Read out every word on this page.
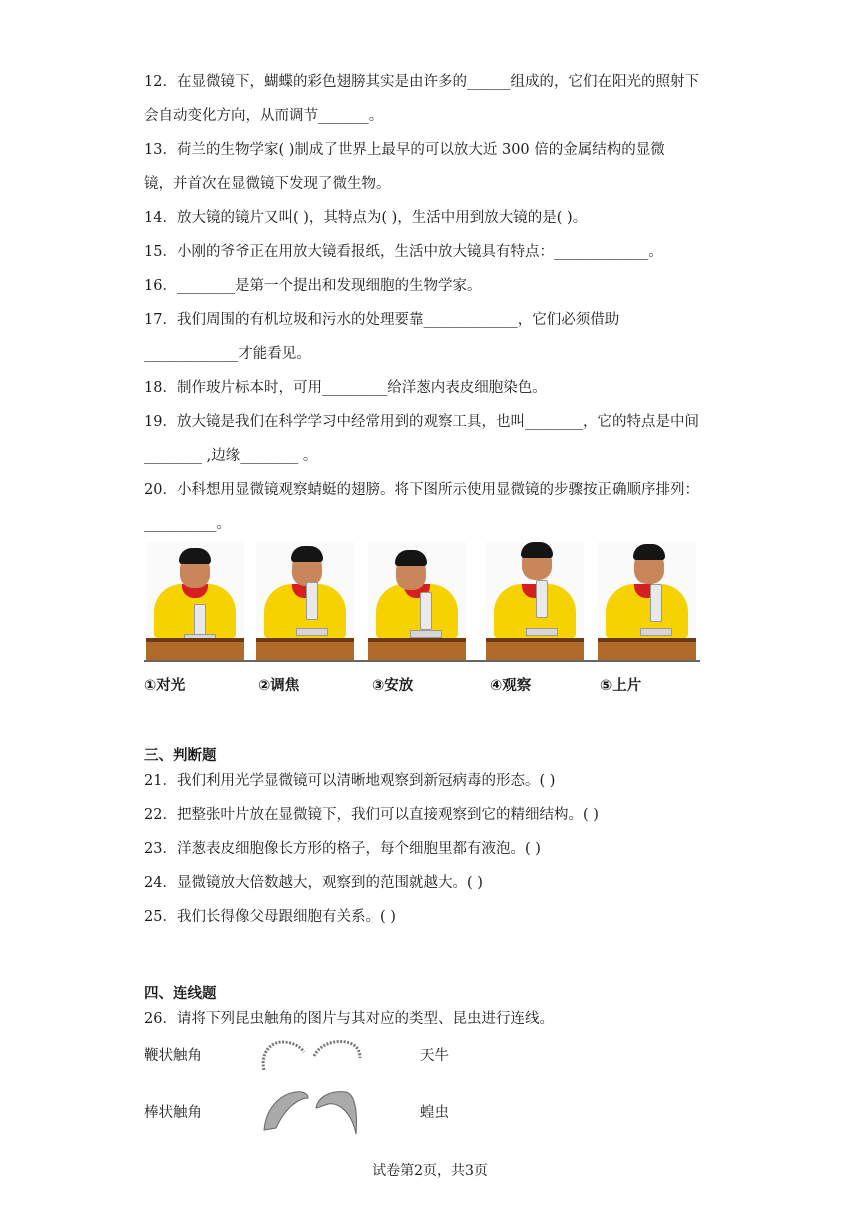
12．在显微镜下，蝴蝶的彩色翅膀其实是由许多的______组成的，它们在阳光的照射下
会自动变化方向，从而调节_______。
13．荷兰的生物学家( )制成了世界上最早的可以放大近 300 倍的金属结构的显微
镜，并首次在显微镜下发现了微生物。
14．放大镜的镜片又叫( )，其特点为( )，生活中用到放大镜的是( )。
15．小刚的爷爷正在用放大镜看报纸，生活中放大镜具有特点：_____________。
16．________是第一个提出和发现细胞的生物学家。
17．我们周围的有机垃圾和污水的处理要靠_____________，它们必须借助
_____________才能看见。
18．制作玻片标本时，可用_________给洋葱内表皮细胞染色。
19．放大镜是我们在科学学习中经常用到的观察工具，也叫________，它的特点是中间
________ ,边缘________ 。
20．小科想用显微镜观察蜻蜓的翅膀。将下图所示使用显微镜的步骤按正确顺序排列：
__________。
①对光	②调焦	③安放	④观察	⑤上片
三、判断题
21．我们利用光学显微镜可以清晰地观察到新冠病毒的形态。( )
22．把整张叶片放在显微镜下，我们可以直接观察到它的精细结构。( )
23．洋葱表皮细胞像长方形的格子，每个细胞里都有液泡。( )
24．显微镜放大倍数越大，观察到的范围就越大。( )
25．我们长得像父母跟细胞有关系。( )
四、连线题
26．请将下列昆虫触角的图片与其对应的类型、昆虫进行连线。
鞭状触角
棒状触角
天牛
蝗虫
试卷第2页，共3页
